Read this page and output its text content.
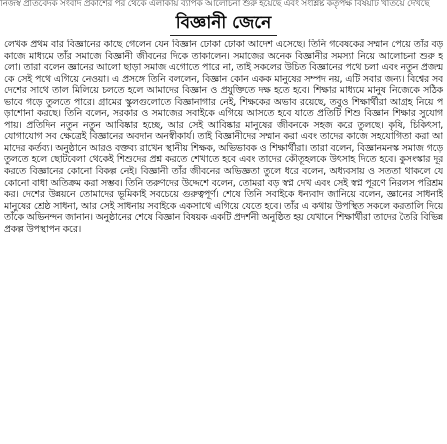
নিজস্ব প্রতিবেদক সংবাদ প্রকাশের পর থেকে এলাকায় ব্যাপক আলোচনা শুরু হয়েছে এবং সংশ্লিষ্ট কর্তৃপক্ষ বিষয়টি খতিয়ে দেখছে
বিজ্ঞানী জেনে

লেখক প্রথম বার বিজ্ঞানের কাছে গেলেন যেন বিজ্ঞান ঢোকা ঢোকা আদেশ এসেছে। তিনি গবেষকের সম্মান পেয়ে তাঁর বড় কাজে মাধ্যমে তাঁর সমাজে বিজ্ঞানী জীবনের দিকে তাকালেন। সমাজের অনেক বিজ্ঞানীর সমস্যা নিয়ে আলোচনা শুরু হলো। তারা বলেন জ্ঞানের আলো ছাড়া সমাজ এগোতে পারে না, তাই সকলের উচিত বিজ্ঞানের পথে চলা এবং নতুন প্রজন্মকে সেই পথে এগিয়ে নেওয়া। এ প্রসঙ্গে তিনি বললেন, বিজ্ঞান কোন একক মানুষের সম্পদ নয়, এটি সবার জন্য। বিশ্বের সব দেশের সাথে তাল মিলিয়ে চলতে হলে আমাদের বিজ্ঞান ও প্রযুক্তিতে দক্ষ হতে হবে। শিক্ষার মাধ্যমে মানুষ নিজেকে সঠিকভাবে গড়ে তুলতে পারে। গ্রামের স্কুলগুলোতে বিজ্ঞানাগার নেই, শিক্ষকের অভাব রয়েছে, তবুও শিক্ষার্থীরা আগ্রহ নিয়ে পড়াশোনা করছে। তিনি বলেন, সরকার ও সমাজের সবাইকে এগিয়ে আসতে হবে যাতে প্রতিটি শিশু বিজ্ঞান শিক্ষার সুযোগ পায়। প্রতিদিন নতুন নতুন আবিষ্কার হচ্ছে, আর সেই আবিষ্কার মানুষের জীবনকে সহজ করে তুলছে। কৃষি, চিকিৎসা, যোগাযোগ সব ক্ষেত্রেই বিজ্ঞানের অবদান অনস্বীকার্য। তাই বিজ্ঞানীদের সম্মান করা এবং তাদের কাজে সহযোগিতা করা আমাদের কর্তব্য। অনুষ্ঠানে আরও বক্তব্য রাখেন স্থানীয় শিক্ষক, অভিভাবক ও শিক্ষার্থীরা। তারা বলেন, বিজ্ঞানমনস্ক সমাজ গড়ে তুলতে হলে ছোটবেলা থেকেই শিশুদের প্রশ্ন করতে শেখাতে হবে এবং তাদের কৌতূহলকে উৎসাহ দিতে হবে। কুসংস্কার দূর করতে বিজ্ঞানের কোনো বিকল্প নেই। বিজ্ঞানী তাঁর জীবনের অভিজ্ঞতা তুলে ধরে বলেন, অধ্যবসায় ও সততা থাকলে যে কোনো বাধা অতিক্রম করা সম্ভব। তিনি তরুণদের উদ্দেশে বলেন, তোমরা বড় স্বপ্ন দেখ এবং সেই স্বপ্ন পূরণে নিরলস পরিশ্রম কর। দেশের উন্নয়নে তোমাদের ভূমিকাই সবচেয়ে গুরুত্বপূর্ণ। শেষে তিনি সবাইকে ধন্যবাদ জানিয়ে বলেন, জ্ঞানের সাধনাই মানুষের শ্রেষ্ঠ সাধনা, আর সেই সাধনায় সবাইকে একসাথে এগিয়ে যেতে হবে। তাঁর এ কথায় উপস্থিত সকলে করতালি দিয়ে তাঁকে অভিনন্দন জানান। অনুষ্ঠানের শেষে বিজ্ঞান বিষয়ক একটি প্রদর্শনী অনুষ্ঠিত হয় যেখানে শিক্ষার্থীরা তাদের তৈরি বিভিন্ন প্রকল্প উপস্থাপন করে।
